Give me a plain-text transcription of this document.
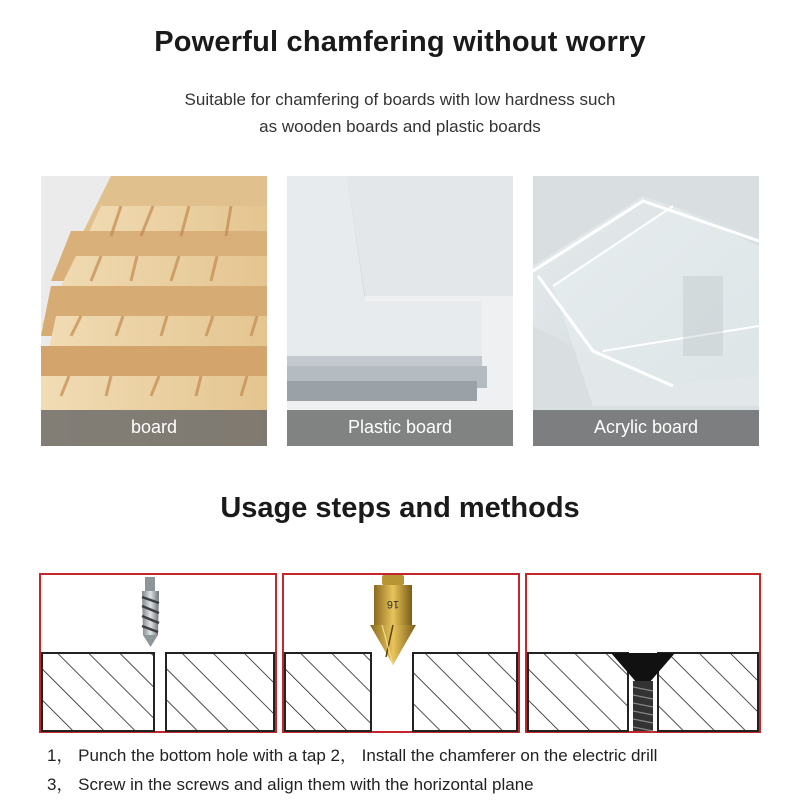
Powerful chamfering without worry
Suitable for chamfering of boards with low hardness such
as wooden boards and plastic boards
board	Plastic board	Acrylic board
Usage steps and methods
16
1， Punch the bottom hole with a tap 2， Install the chamferer on the electric drill
3， Screw in the screws and align them with the horizontal plane
